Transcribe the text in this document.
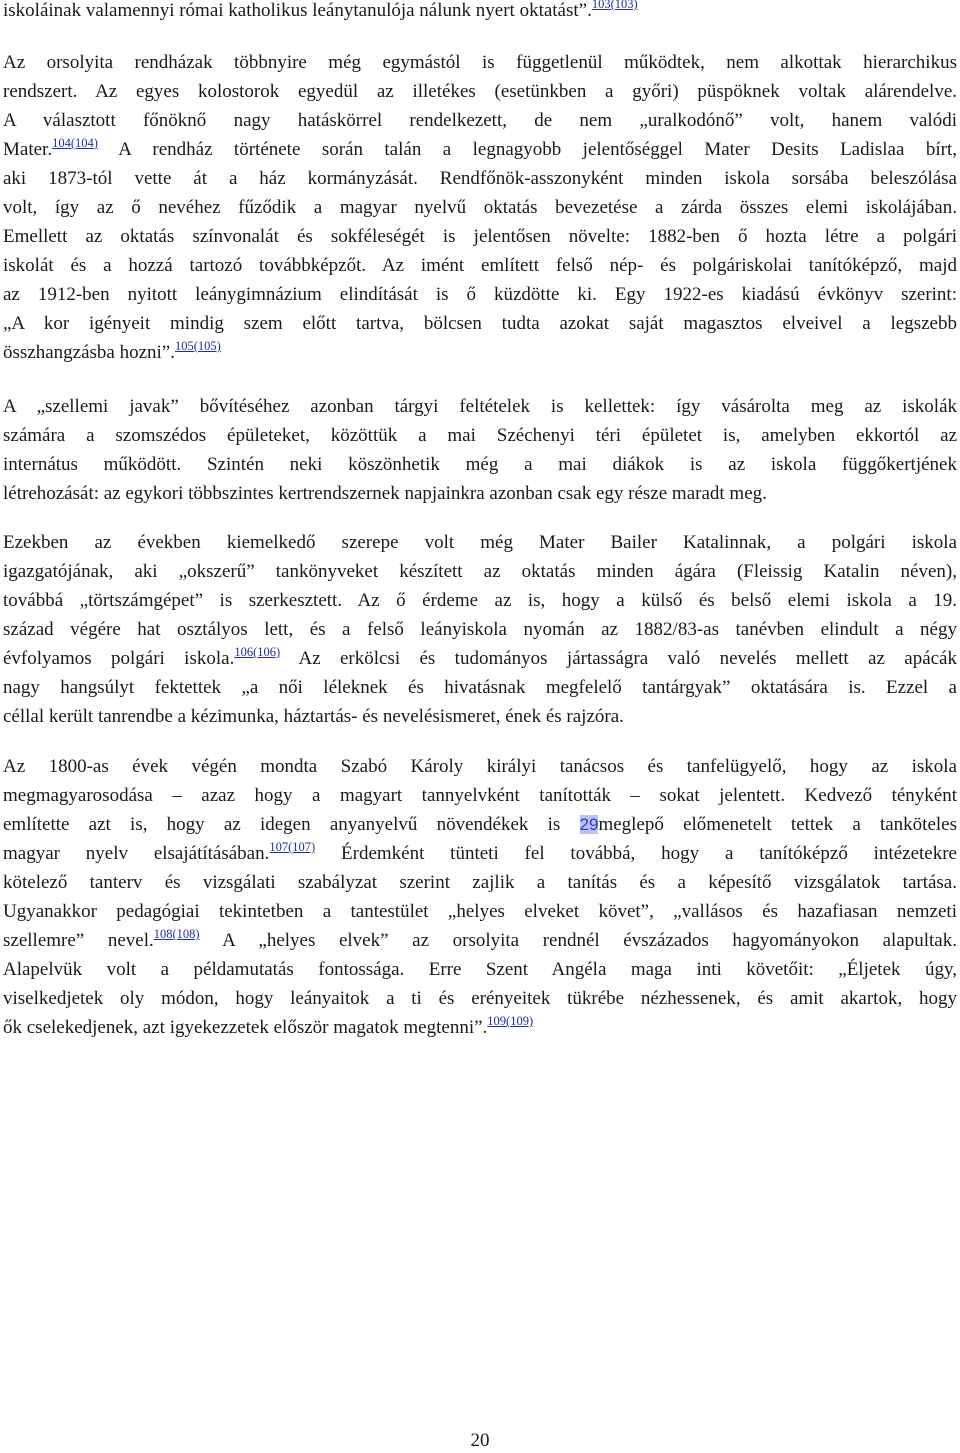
iskoláinak valamennyi római katholikus leánytanulója nálunk nyert oktatást”.$^{103(103)}$
Az orsolyita rendházak többnyire még egymástól is függetlenül működtek, nem alkottak hierarchikus
rendszert. Az egyes kolostorok egyedül az illetékes (esetünkben a győri) püspöknek voltak alárendelve.
A választott főnöknő nagy hatáskörrel rendelkezett, de nem „uralkodónő” volt, hanem valódi
Mater.$^{104(104)}$ A rendház története során talán a legnagyobb jelentőséggel Mater Desits Ladislaa bírt,
aki 1873-tól vette át a ház kormányzását. Rendfőnök-asszonyként minden iskola sorsába beleszólása
volt, így az ő nevéhez fűződik a magyar nyelvű oktatás bevezetése a zárda összes elemi iskolájában.
Emellett az oktatás színvonalát és sokféleségét is jelentősen növelte: 1882-ben ő hozta létre a polgári
iskolát és a hozzá tartozó továbbképzőt. Az imént említett felső nép- és polgáriskolai tanítóképző, majd
az 1912-ben nyitott leánygimnázium elindítását is ő küzdötte ki. Egy 1922-es kiadású évkönyv szerint:
„A kor igényeit mindig szem előtt tartva, bölcsen tudta azokat saját magasztos elveivel a legszebb
összhangzásba hozni”.$^{105(105)}$
A „szellemi javak” bővítéséhez azonban tárgyi feltételek is kellettek: így vásárolta meg az iskolák
számára a szomszédos épületeket, közöttük a mai Széchenyi téri épületet is, amelyben ekkortól az
internátus működött. Szintén neki köszönhetik még a mai diákok is az iskola függőkertjének
létrehozását: az egykori többszintes kertrendszernek napjainkra azonban csak egy része maradt meg.
Ezekben az években kiemelkedő szerepe volt még Mater Bailer Katalinnak, a polgári iskola
igazgatójának, aki „okszerű” tankönyveket készített az oktatás minden ágára (Fleissig Katalin néven),
továbbá „törtszámgépet” is szerkesztett. Az ő érdeme az is, hogy a külső és belső elemi iskola a 19.
század végére hat osztályos lett, és a felső leányiskola nyomán az 1882/83-as tanévben elindult a négy
évfolyamos polgári iskola.$^{106(106)}$ Az erkölcsi és tudományos jártasságra való nevelés mellett az apácák
nagy hangsúlyt fektettek „a női léleknek és hivatásnak megfelelő tantárgyak” oktatására is. Ezzel a
céllal került tanrendbe a kézimunka, háztartás- és nevelésismeret, ének és rajzóra.
Az 1800-as évek végén mondta Szabó Károly királyi tanácsos és tanfelügyelő, hogy az iskola
megmagyarosodása – azaz hogy a magyart tannyelvként tanították – sokat jelentett. Kedvező tényként
említette azt is, hogy az idegen anyanyelvű növendékek is 29meglepő előmenetelt tettek a tanköteles
magyar nyelv elsajátításában.$^{107(107)}$ Érdemként tünteti fel továbbá, hogy a tanítóképző intézetekre
kötelező tanterv és vizsgálati szabályzat szerint zajlik a tanítás és a képesítő vizsgálatok tartása.
Ugyanakkor pedagógiai tekintetben a tantestület „helyes elveket követ”, „vallásos és hazafiasan nemzeti
szellemre” nevel.$^{108(108)}$ A „helyes elvek” az orsolyita rendnél évszázados hagyományokon alapultak.
Alapelvük volt a példamutatás fontossága. Erre Szent Angéla maga inti követőit: „Éljetek úgy,
viselkedjetek oly módon, hogy leányaitok a ti és erényeitek tükrébe nézhessenek, és amit akartok, hogy
ők cselekedjenek, azt igyekezzetek először magatok megtenni”.$^{109(109)}$
20
